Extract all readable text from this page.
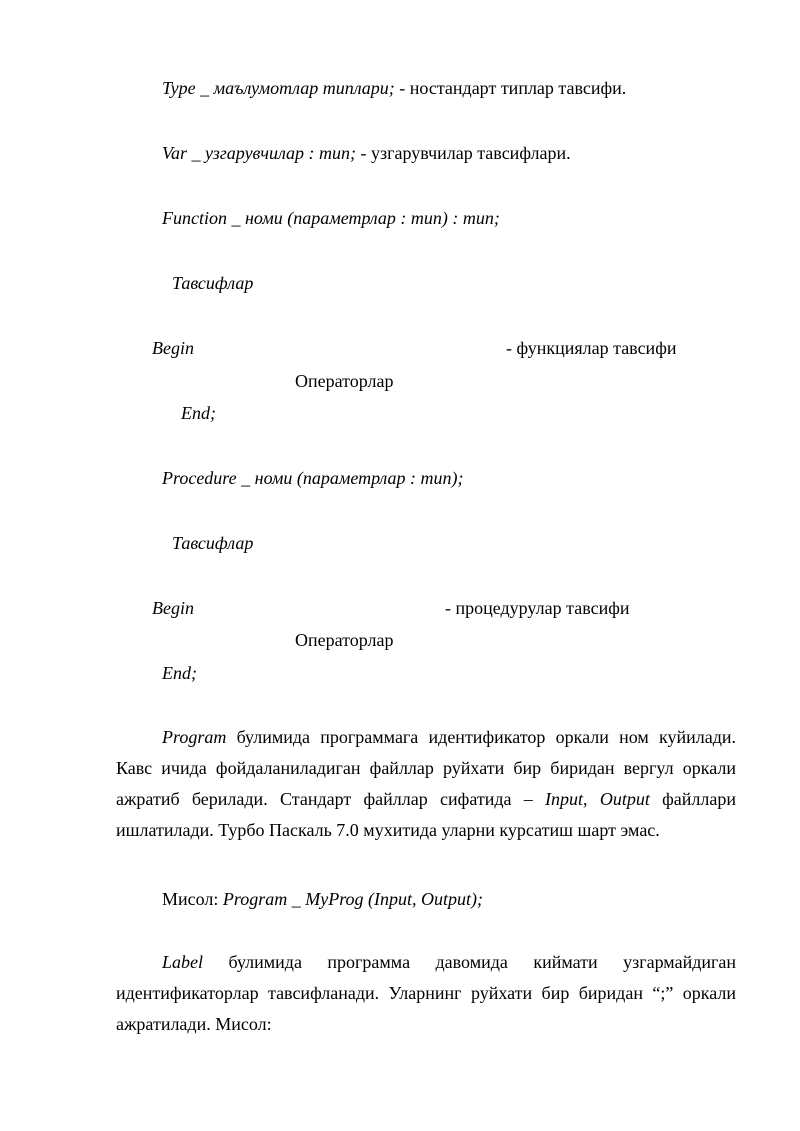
Type _ маълумотлар типлари; - ностандарт типлар тавсифи.
Var _ узгарувчилар : тип; - узгарувчилар тавсифлари.
Function _ номи (параметрлар : тип) : тип;
Тавсифлар
Begin	- функциялар тавсифи
Операторлар
End;
Procedure _ номи (параметрлар : тип);
Тавсифлар
Begin	- процедурулар тавсифи
Операторлар
End;
Program булимида программага идентификатор оркали ном куйилади. Кавс ичида фойдаланиладиган файллар руйхати бир биридан вергул оркали ажратиб берилади. Стандарт файллар сифатида – Input, Output файллари ишлатилади. Турбо Паскаль 7.0 мухитида уларни курсатиш шарт эмас.
Мисол: Program _ MyProg (Input, Output);
Label булимида программа давомида киймати узгармайдиган идентификаторлар тавсифланади. Уларнинг руйхати бир биридан “;” оркали ажратилади. Мисол:
